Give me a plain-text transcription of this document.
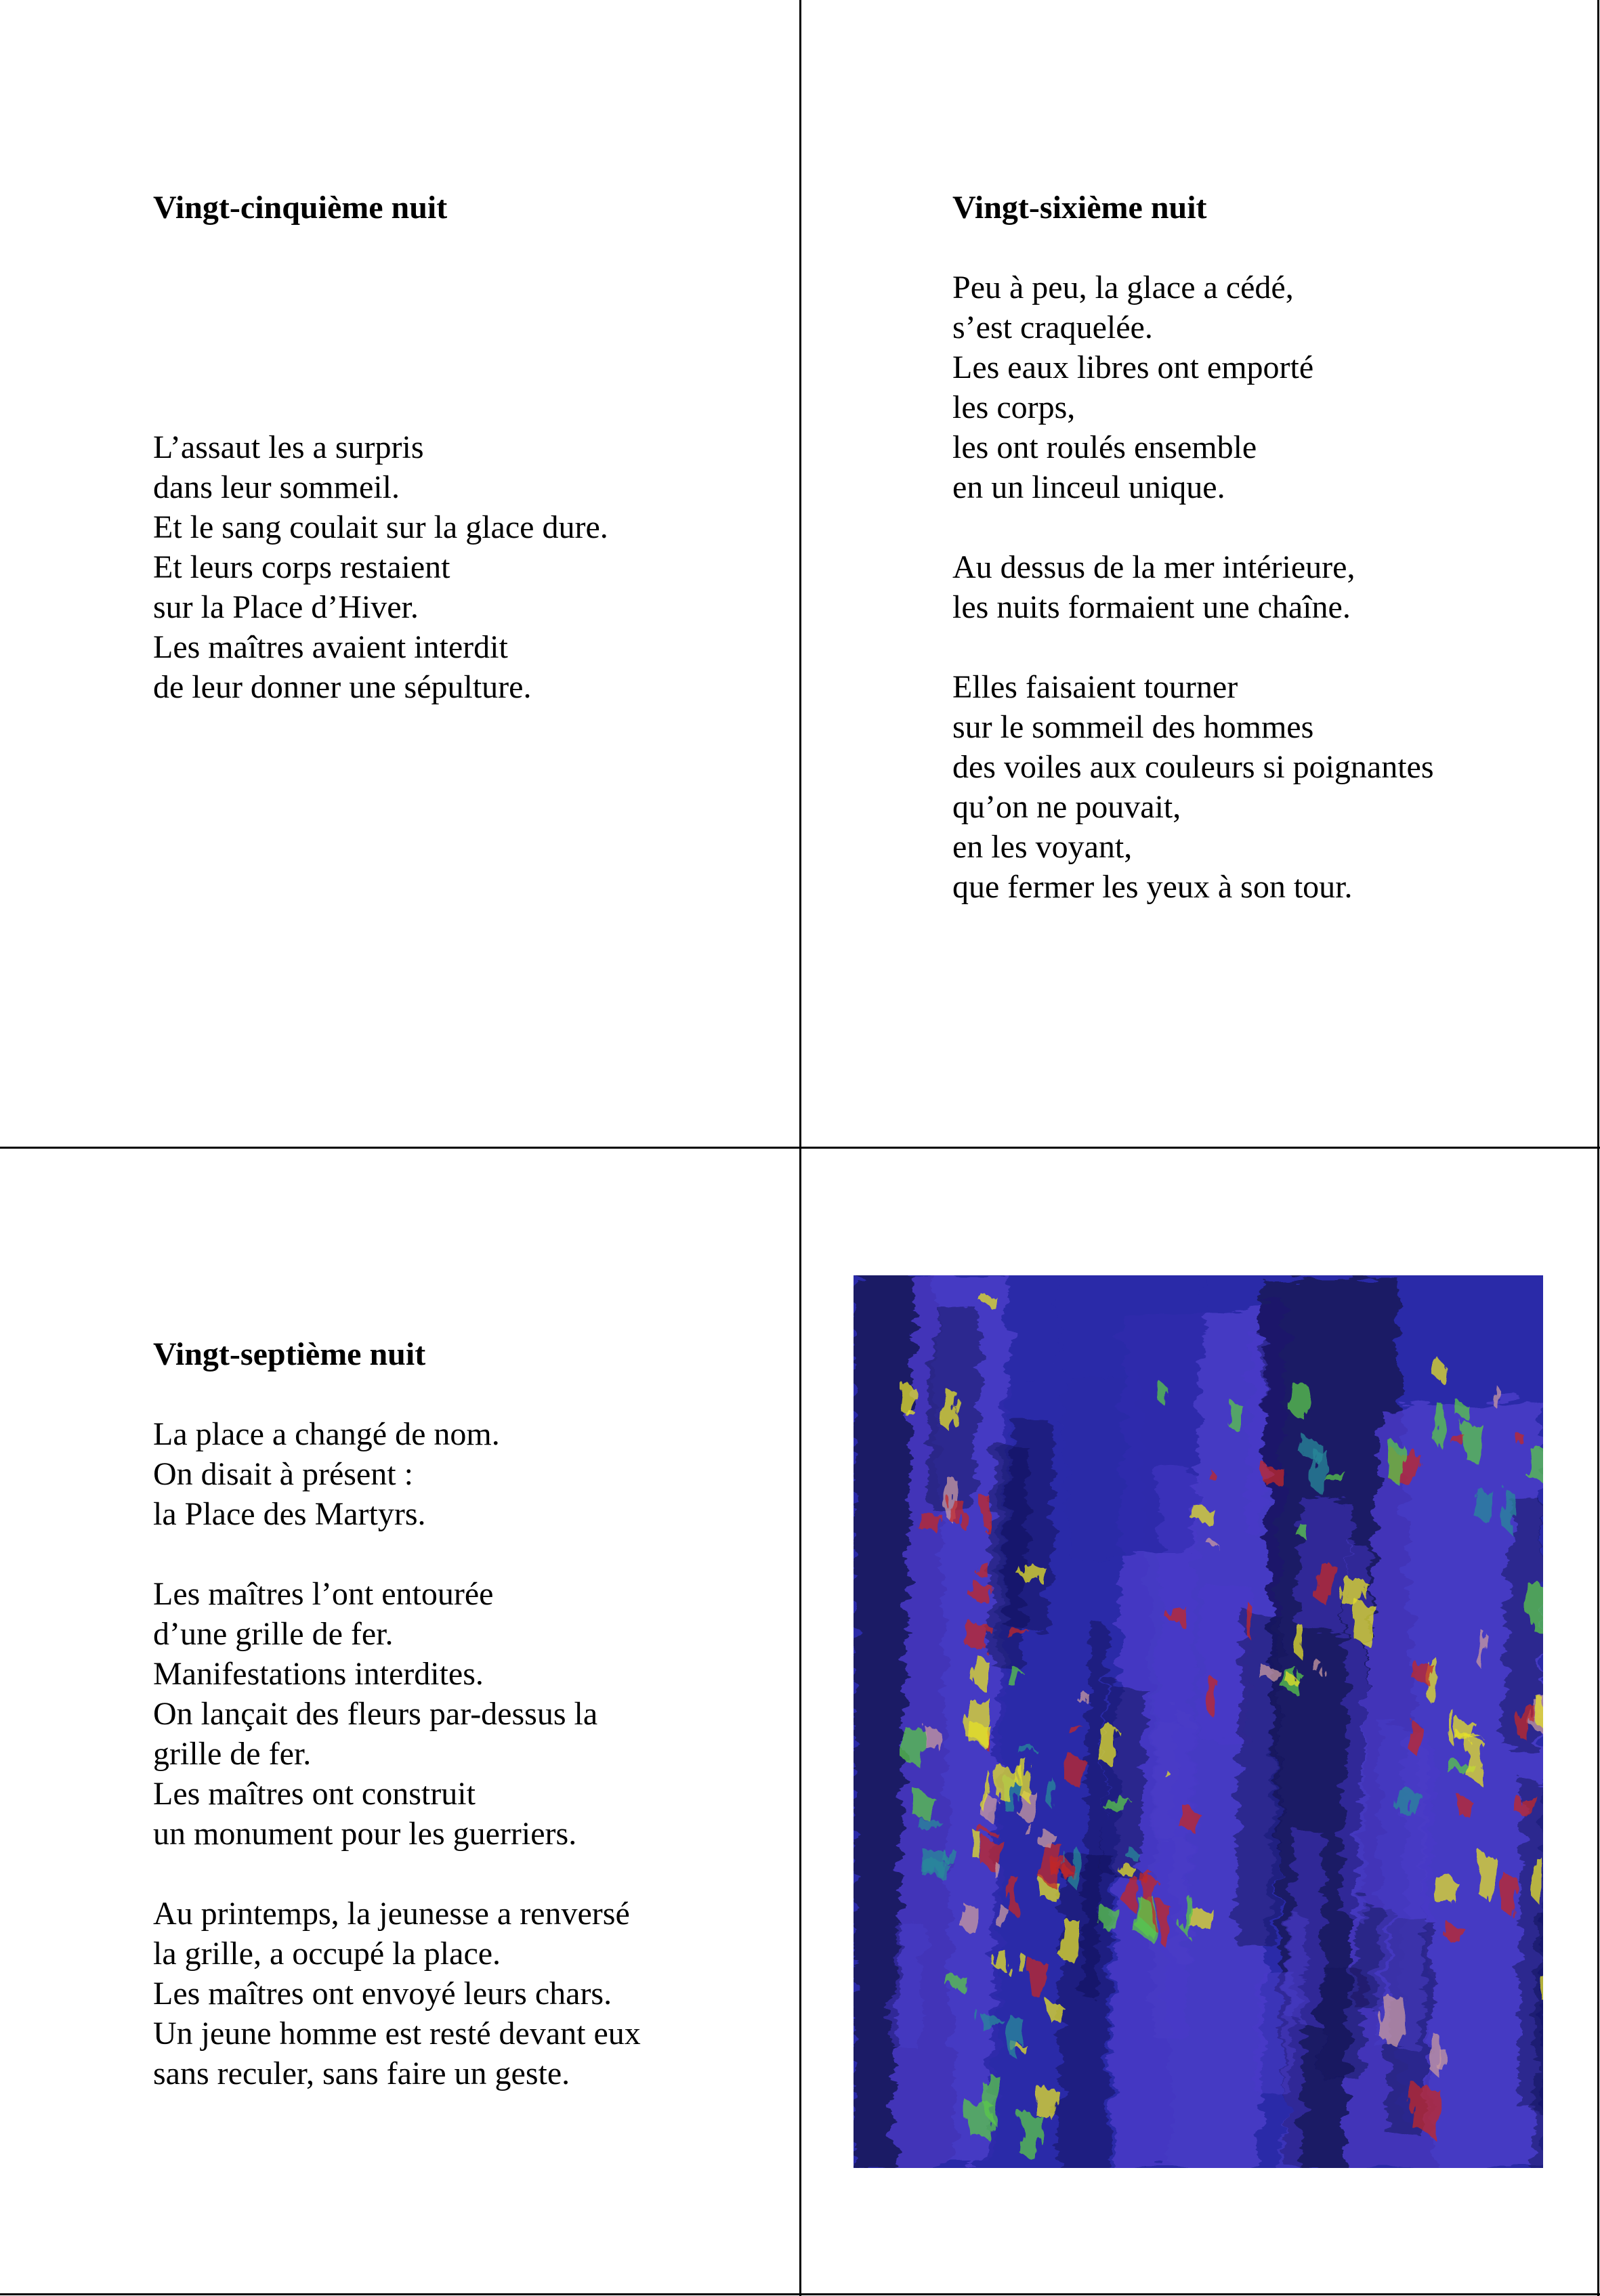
Vingt-cinquième nuit
L’assaut les a surpris
dans leur sommeil.
Et le sang coulait sur la glace dure.
Et leurs corps restaient
sur la Place d’Hiver.
Les maîtres avaient interdit
de leur donner une sépulture.
Vingt-sixième nuit
Peu à peu, la glace a cédé,
s’est craquelée.
Les eaux libres ont emporté
les corps,
les ont roulés ensemble
en un linceul unique.
Au dessus de la mer intérieure,
les nuits formaient une chaîne.
Elles faisaient tourner
sur le sommeil des hommes
des voiles aux couleurs si poignantes
qu’on ne pouvait,
en les voyant,
que fermer les yeux à son tour.
Vingt-septième nuit
La place a changé de nom.
On disait à présent :
la Place des Martyrs.
Les maîtres l’ont entourée
d’une grille de fer.
Manifestations interdites.
On lançait des fleurs par-dessus la
grille de fer.
Les maîtres ont construit
un monument pour les guerriers.
Au printemps, la jeunesse a renversé
la grille, a occupé la place.
Les maîtres ont envoyé leurs chars.
Un jeune homme est resté devant eux
sans reculer, sans faire un geste.
